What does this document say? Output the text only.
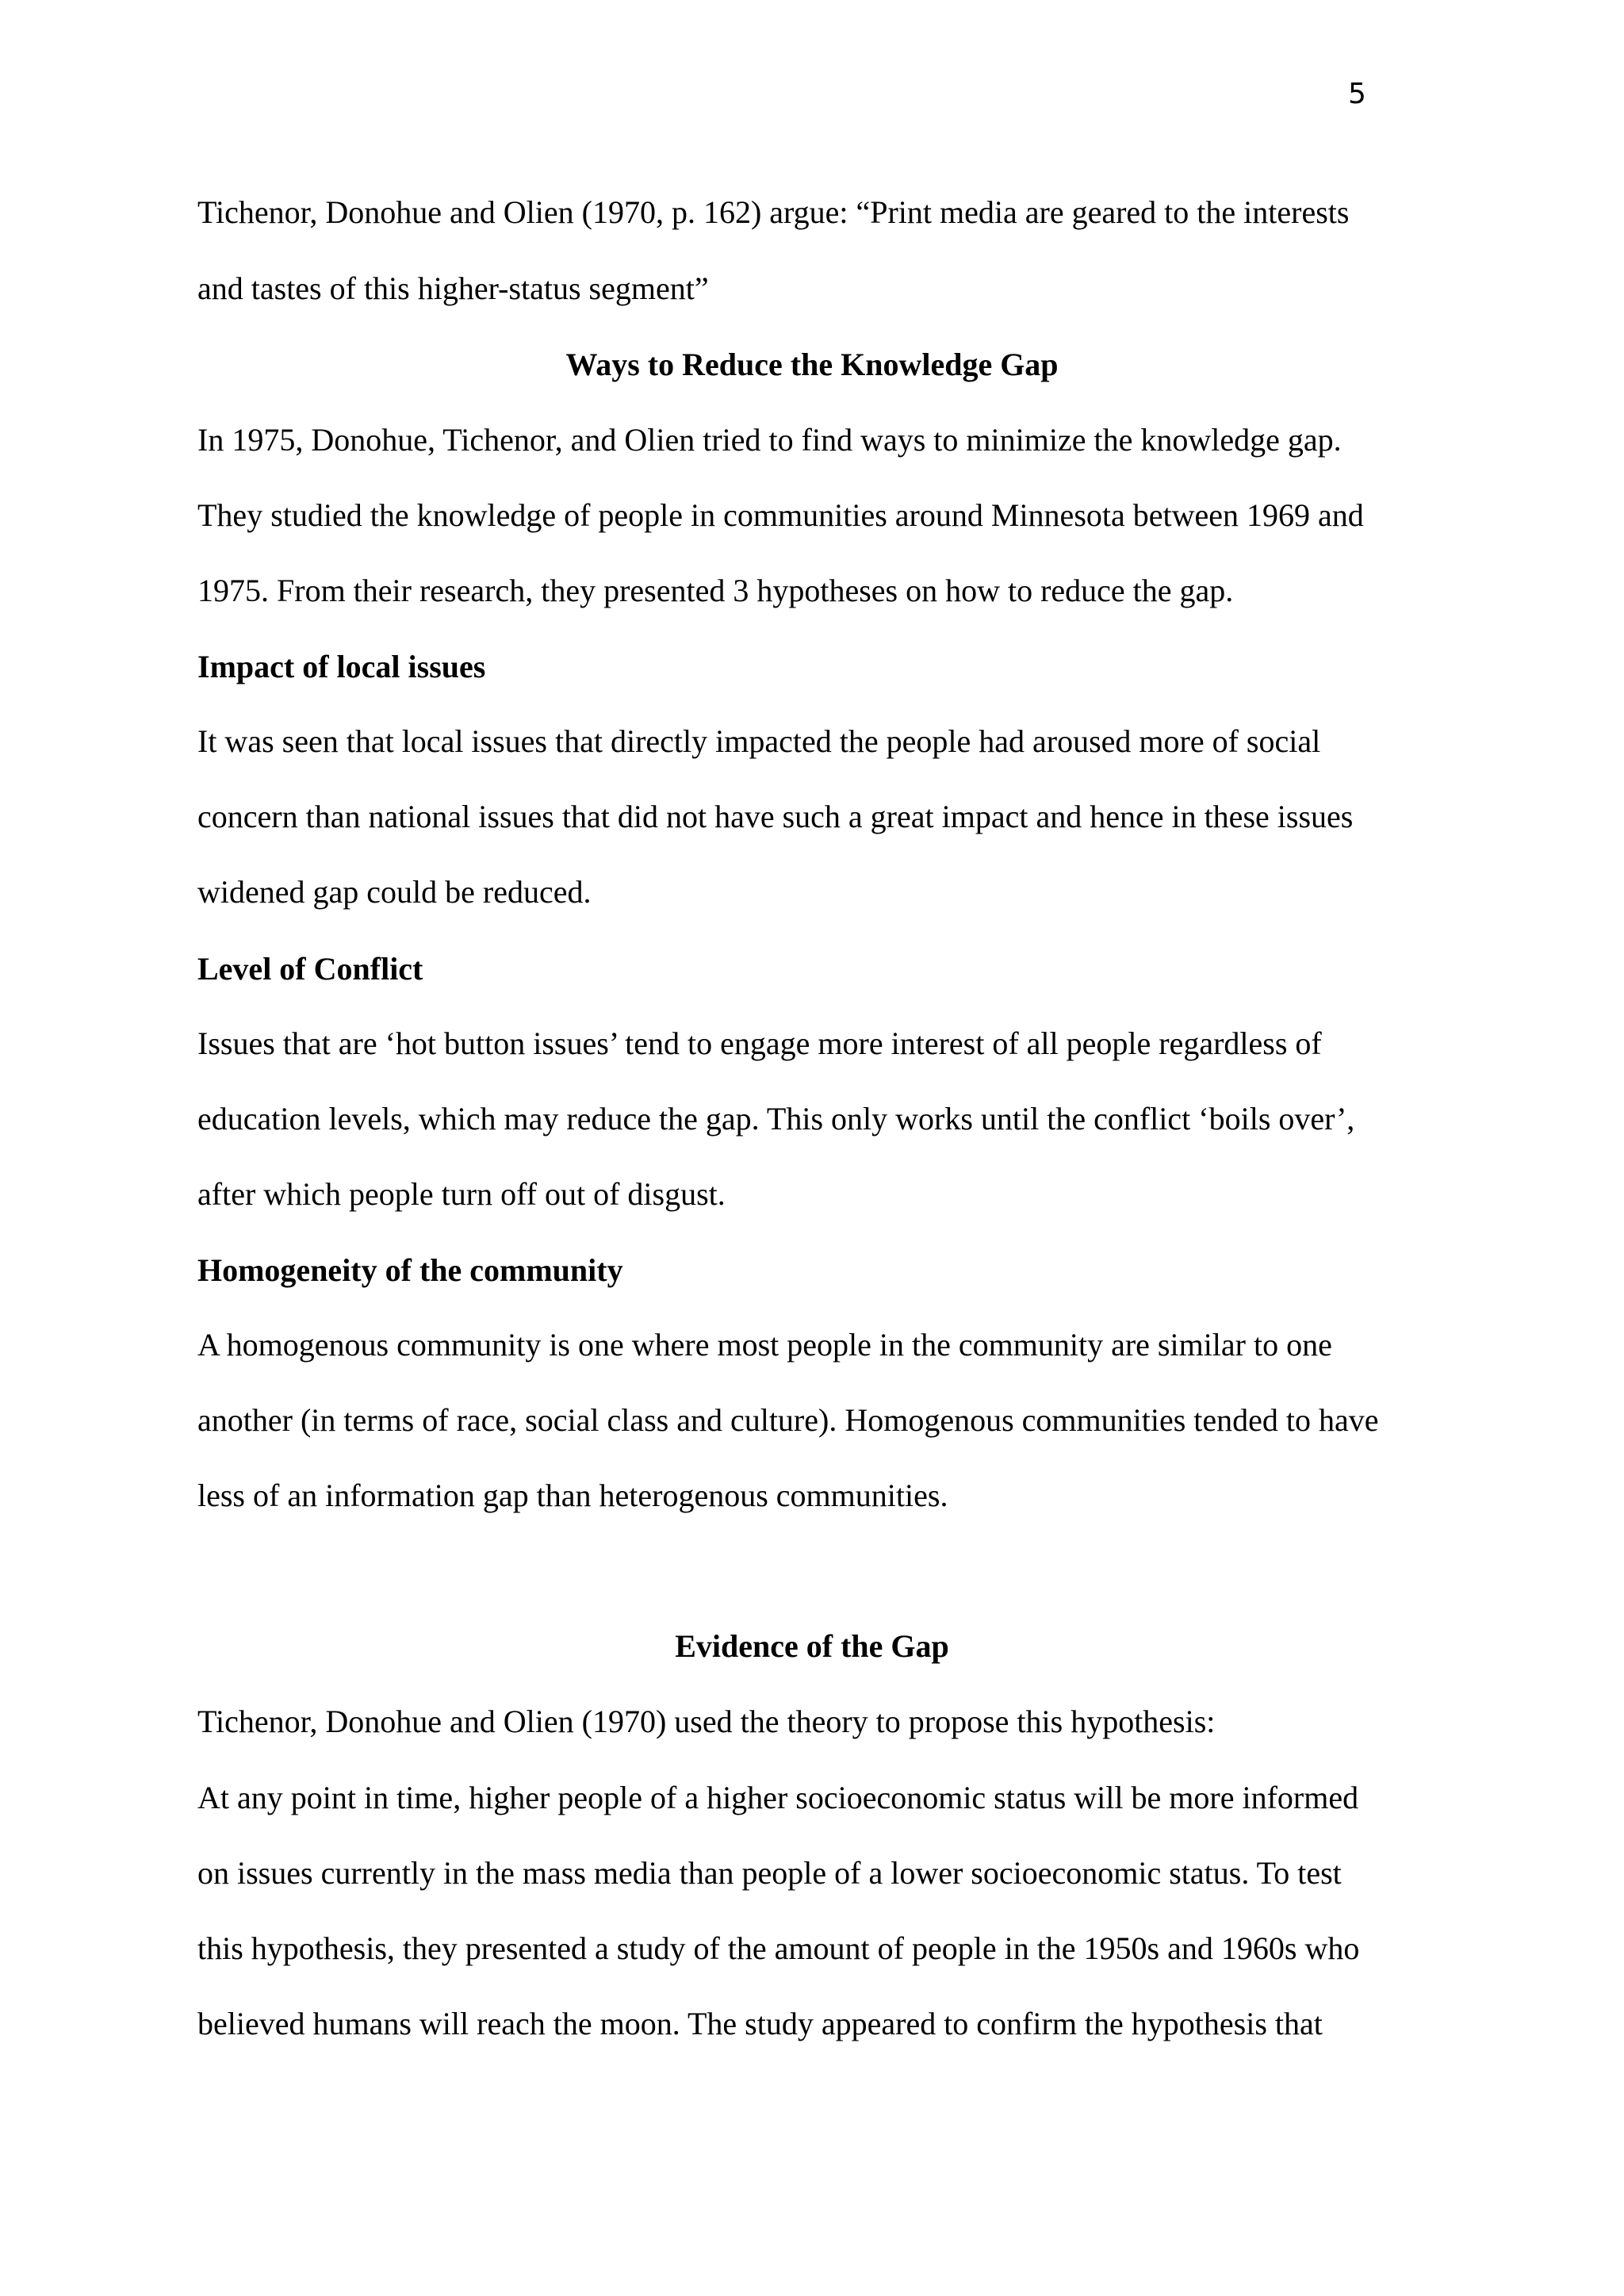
5
Tichenor, Donohue and Olien (1970, p. 162) argue: “Print media are geared to the interests
and tastes of this higher-status segment”
Ways to Reduce the Knowledge Gap
In 1975, Donohue, Tichenor, and Olien tried to find ways to minimize the knowledge gap.
They studied the knowledge of people in communities around Minnesota between 1969 and
1975. From their research, they presented 3 hypotheses on how to reduce the gap.
Impact of local issues
It was seen that local issues that directly impacted the people had aroused more of social
concern than national issues that did not have such a great impact and hence in these issues
widened gap could be reduced.
Level of Conflict
Issues that are ‘hot button issues’ tend to engage more interest of all people regardless of
education levels, which may reduce the gap. This only works until the conflict ‘boils over’,
after which people turn off out of disgust.
Homogeneity of the community
A homogenous community is one where most people in the community are similar to one
another (in terms of race, social class and culture). Homogenous communities tended to have
less of an information gap than heterogenous communities.
Evidence of the Gap
Tichenor, Donohue and Olien (1970) used the theory to propose this hypothesis:
At any point in time, higher people of a higher socioeconomic status will be more informed
on issues currently in the mass media than people of a lower socioeconomic status. To test
this hypothesis, they presented a study of the amount of people in the 1950s and 1960s who
believed humans will reach the moon. The study appeared to confirm the hypothesis that
